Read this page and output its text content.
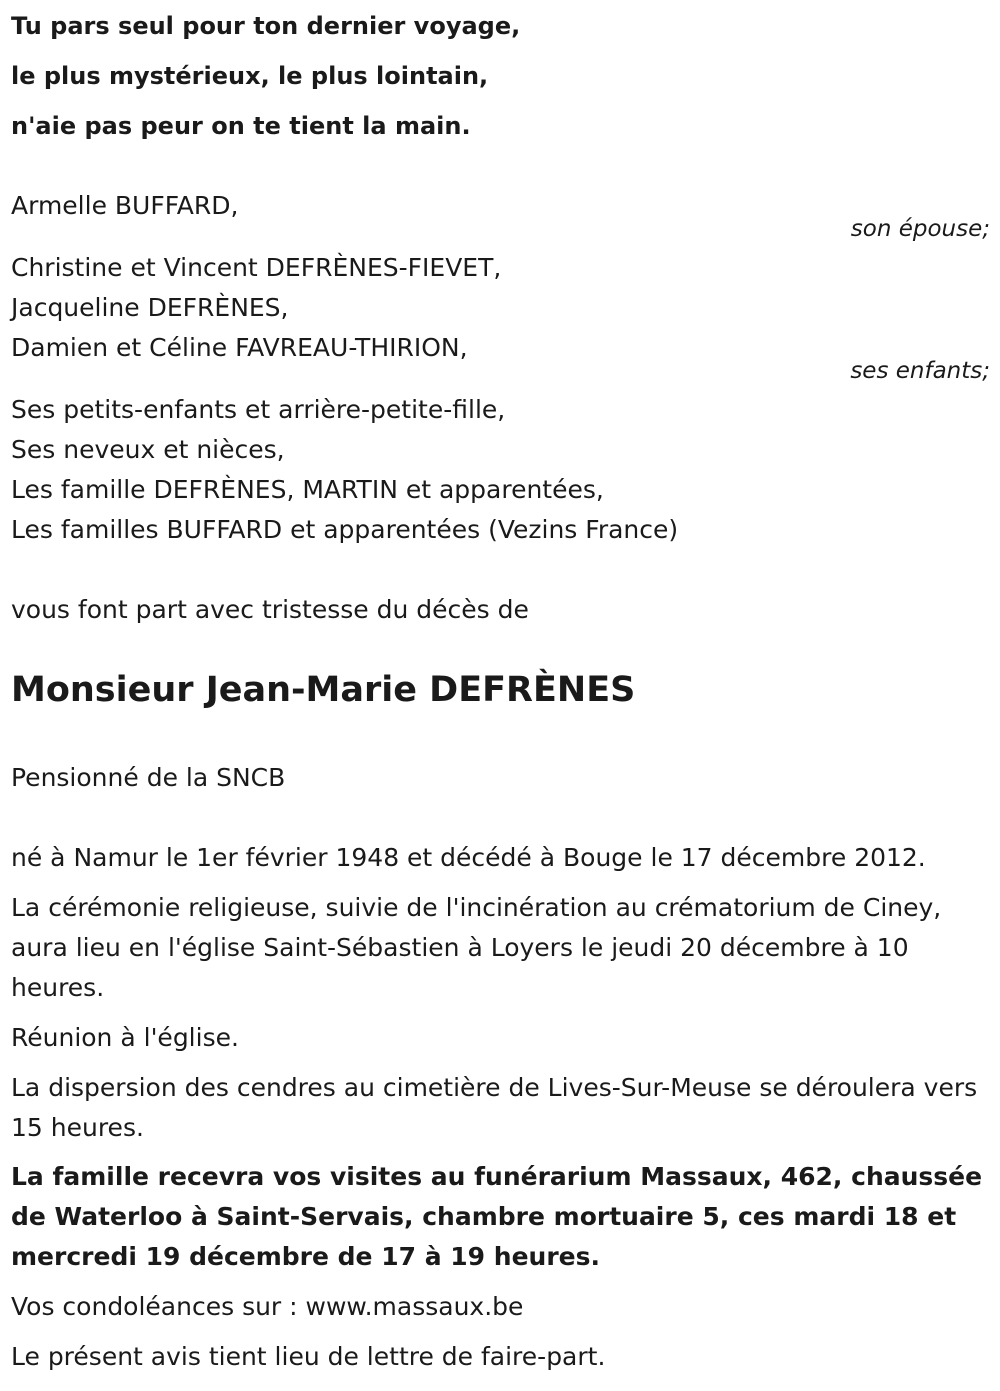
Tu pars seul pour ton dernier voyage,
le plus mystérieux, le plus lointain,
n'aie pas peur on te tient la main.
Armelle BUFFARD,
son épouse;
Christine et Vincent DEFRÈNES-FIEVET,
Jacqueline DEFRÈNES,
Damien et Céline FAVREAU-THIRION,
ses enfants;
Ses petits-enfants et arrière-petite-fille,
Ses neveux et nièces,
Les famille DEFRÈNES, MARTIN et apparentées,
Les familles BUFFARD et apparentées (Vezins France)
vous font part avec tristesse du décès de
Monsieur Jean-Marie DEFRÈNES
Pensionné de la SNCB
né à Namur le 1er février 1948 et décédé à Bouge le 17 décembre 2012.
La cérémonie religieuse, suivie de l'incinération au crématorium de Ciney, aura lieu en l'église Saint-Sébastien à Loyers le jeudi 20 décembre à 10 heures.
Réunion à l'église.
La dispersion des cendres au cimetière de Lives-Sur-Meuse se déroulera vers 15 heures.
La famille recevra vos visites au funérarium Massaux, 462, chaussée de Waterloo à Saint-Servais, chambre mortuaire 5, ces mardi 18 et mercredi 19 décembre de 17 à 19 heures.
Vos condoléances sur : www.massaux.be
Le présent avis tient lieu de lettre de faire-part.
